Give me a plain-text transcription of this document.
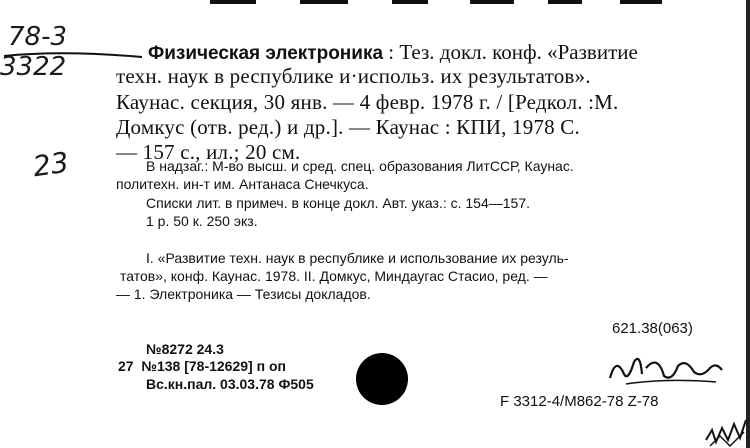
78-3
3322
23
Физическая электроника : Тез. докл. конф. «Развитие
техн. наук в республике и·использ. их результатов».
Каунас. секция, 30 янв. — 4 февр. 1978 г. / [Редкол. :М.
Домкус (отв. ред.) и др.]. — Каунас : КПИ, 1978 С.
— 157 с., ил.; 20 см.
В надзаг.: М-во высш. и сред. спец. образования ЛитССР, Каунас.
политехн. ин-т им. Антанаса Снечкуса.
Списки лит. в примеч. в конце докл. Авт. указ.: с. 154—157.
1 р. 50 к. 250 экз.
I. «Развитие техн. наук в республике и использование их резуль-
татов», конф. Каунас. 1978. II. Домкус, Миндаугас Стасио, ред. —
— 1. Электроника — Тезисы докладов.
621.38(063)
№8272 24.3
27 №138 [78-12629] п оп
Вс.кн.пал. 03.03.78 Ф505
F 3312-4/M862-78 Z-78
